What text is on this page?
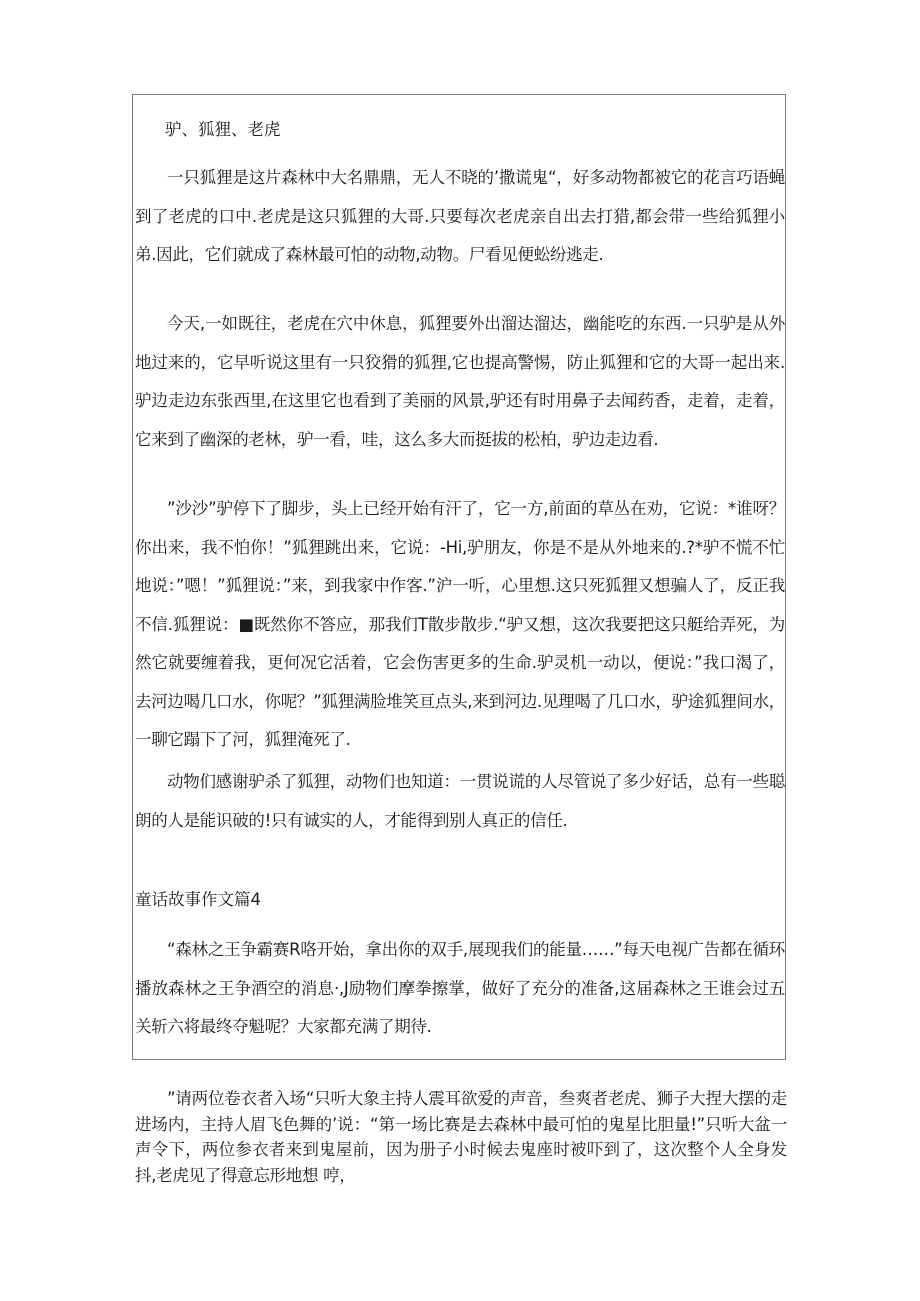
驴、狐狸、老虎

一只狐狸是这片森林中大名鼎鼎，无人不晓的’撒谎鬼“，好多动物都被它的花言巧语蝇到了老虎的口中.老虎是这只狐狸的大哥.只要每次老虎亲自出去打猎,都会带一些给狐狸小弟.因此，它们就成了森林最可怕的动物,动物。尸看见便蚣纷逃走.

今天,一如既往，老虎在穴中休息，狐狸要外出溜达溜达，幽能吃的东西.一只驴是从外地过来的，它早听说这里有一只狡猾的狐狸,它也提高警惕，防止狐狸和它的大哥一起出来.驴边走边东张西里,在这里它也看到了美丽的风景,驴还有时用鼻子去闻药香，走着，走着，它来到了幽深的老林，驴一看，哇，这么多大而挺拔的松柏，驴边走边看.

”沙沙”驴停下了脚步，头上已经开始有汗了，它一方,前面的草丛在劝，它说：*谁呀？你出来，我不怕你！”狐狸跳出来，它说：-Hi,驴朋友，你是不是从外地来的.?*驴不慌不忙地说：”嗯！”狐狸说：”来，到我家中作客.”沪一听，心里想.这只死狐狸又想骗人了，反正我不信.狐狸说：■既然你不答应，那我们T散步散步.“驴又想，这次我要把这只艇给弄死，为然它就要缠着我，更何况它活着，它会伤害更多的生命.驴灵机一动以，便说：”我口渴了，去河边喝几口水，你呢？”狐狸满脸堆笑亘点头,来到河边.见理喝了几口水，驴途狐狸间水，一聊它蹋下了河，狐狸淹死了.

动物们感谢驴杀了狐狸，动物们也知道：一贯说谎的人尽管说了多少好话，总有一些聪朗的人是能识破的!只有诚实的人，才能得到别人真正的信任.

童话故事作文篇4

“森林之王争霸赛R咯开始，拿出你的双手,展现我们的能量……”每天电视广告都在循环播放森林之王争酒空的消息·,J励物们摩拳擦掌，做好了充分的准备,这届森林之王谁会过五关斩六将最终夺魁呢？大家都充满了期待.

”请两位卷衣者入场“只听大象主持人震耳欲爱的声音，叁爽者老虎、狮子大捏大摆的走进场内，主持人眉飞色舞的’说：“第一场比赛是去森林中最可怕的鬼星比胆量!”只听大盆一声令下，两位参衣者来到鬼屋前，因为册子小时候去鬼座时被吓到了，这次整个人全身发抖,老虎见了得意忘形地想 哼，
